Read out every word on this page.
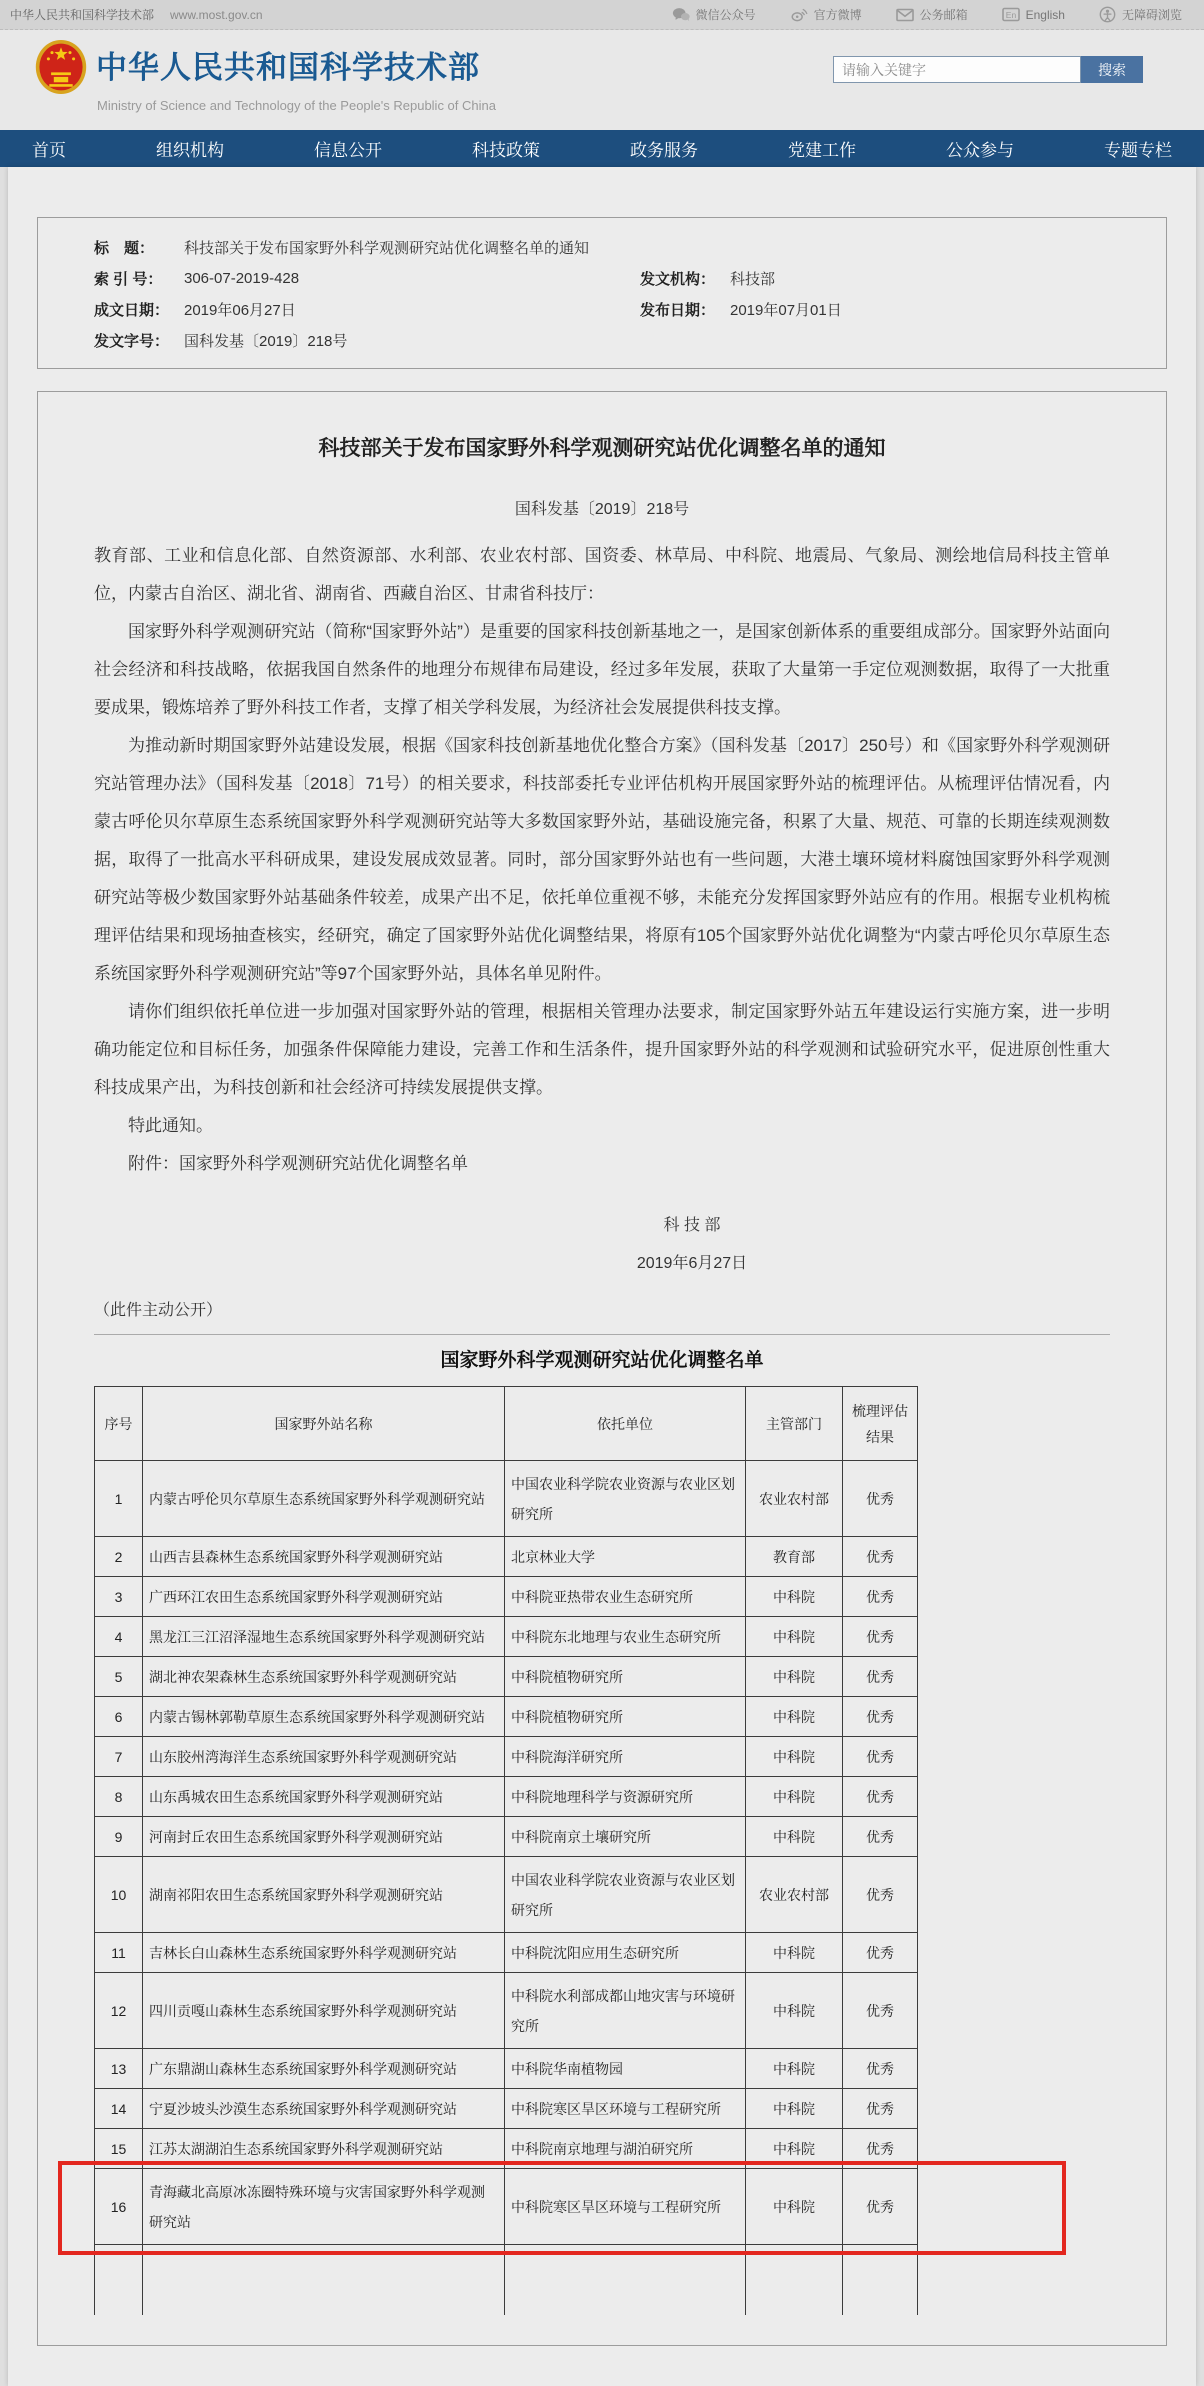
中华人民共和国科学技术部 www.most.gov.cn	微信公众号	官方微博	公务邮箱	En English	无障碍浏览
中华人民共和国科学技术部
Ministry of Science and Technology of the People's Republic of China
请输入关键字
搜索
首页	组织机构	信息公开	科技政策	政务服务	党建工作	公众参与	专题专栏
标　题：	科技部关于发布国家野外科学观测研究站优化调整名单的通知
索 引 号：	306-07-2019-428	发文机构： 科技部
成文日期： 2019年06月27日	发布日期： 2019年07月01日
发文字号： 国科发基〔2019〕218号
科技部关于发布国家野外科学观测研究站优化调整名单的通知
国科发基〔2019〕218号

教育部、工业和信息化部、自然资源部、水利部、农业农村部、国资委、林草局、中科院、地震局、气象局、测绘地信局科技主管单位，内蒙古自治区、湖北省、湖南省、西藏自治区、甘肃省科技厅：

国家野外科学观测研究站（简称“国家野外站”）是重要的国家科技创新基地之一，是国家创新体系的重要组成部分。国家野外站面向社会经济和科技战略，依据我国自然条件的地理分布规律布局建设，经过多年发展，获取了大量第一手定位观测数据，取得了一大批重要成果，锻炼培养了野外科技工作者，支撑了相关学科发展，为经济社会发展提供科技支撑。

为推动新时期国家野外站建设发展，根据《国家科技创新基地优化整合方案》（国科发基〔2017〕250号）和《国家野外科学观测研究站管理办法》（国科发基〔2018〕71号）的相关要求，科技部委托专业评估机构开展国家野外站的梳理评估。从梳理评估情况看，内蒙古呼伦贝尔草原生态系统国家野外科学观测研究站等大多数国家野外站，基础设施完备，积累了大量、规范、可靠的长期连续观测数据，取得了一批高水平科研成果，建设发展成效显著。同时，部分国家野外站也有一些问题，大港土壤环境材料腐蚀国家野外科学观测研究站等极少数国家野外站基础条件较差，成果产出不足，依托单位重视不够，未能充分发挥国家野外站应有的作用。根据专业机构梳理评估结果和现场抽查核实，经研究，确定了国家野外站优化调整结果，将原有105个国家野外站优化调整为“内蒙古呼伦贝尔草原生态系统国家野外科学观测研究站”等97个国家野外站，具体名单见附件。

请你们组织依托单位进一步加强对国家野外站的管理，根据相关管理办法要求，制定国家野外站五年建设运行实施方案，进一步明确功能定位和目标任务，加强条件保障能力建设，完善工作和生活条件，提升国家野外站的科学观测和试验研究水平，促进原创性重大科技成果产出，为科技创新和社会经济可持续发展提供支撑。

特此通知。

附件：国家野外科学观测研究站优化调整名单

科 技 部
2019年6月27日
（此件主动公开）
国家野外科学观测研究站优化调整名单
序号	国家野外站名称	依托单位	主管部门	梳理评估结果
1	内蒙古呼伦贝尔草原生态系统国家野外科学观测研究站	中国农业科学院农业资源与农业区划研究所	农业农村部	优秀
2	山西吉县森林生态系统国家野外科学观测研究站	北京林业大学	教育部	优秀
3	广西环江农田生态系统国家野外科学观测研究站	中科院亚热带农业生态研究所	中科院	优秀
4	黑龙江三江沼泽湿地生态系统国家野外科学观测研究站	中科院东北地理与农业生态研究所	中科院	优秀
5	湖北神农架森林生态系统国家野外科学观测研究站	中科院植物研究所	中科院	优秀
6	内蒙古锡林郭勒草原生态系统国家野外科学观测研究站	中科院植物研究所	中科院	优秀
7	山东胶州湾海洋生态系统国家野外科学观测研究站	中科院海洋研究所	中科院	优秀
8	山东禹城农田生态系统国家野外科学观测研究站	中科院地理科学与资源研究所	中科院	优秀
9	河南封丘农田生态系统国家野外科学观测研究站	中科院南京土壤研究所	中科院	优秀
10	湖南祁阳农田生态系统国家野外科学观测研究站	中国农业科学院农业资源与农业区划研究所	农业农村部	优秀
11	吉林长白山森林生态系统国家野外科学观测研究站	中科院沈阳应用生态研究所	中科院	优秀
12	四川贡嘎山森林生态系统国家野外科学观测研究站	中科院水利部成都山地灾害与环境研究所	中科院	优秀
13	广东鼎湖山森林生态系统国家野外科学观测研究站	中科院华南植物园	中科院	优秀
14	宁夏沙坡头沙漠生态系统国家野外科学观测研究站	中科院寒区旱区环境与工程研究所	中科院	优秀
15	江苏太湖湖泊生态系统国家野外科学观测研究站	中科院南京地理与湖泊研究所	中科院	优秀
16	青海藏北高原冰冻圈特殊环境与灾害国家野外科学观测研究站	中科院寒区旱区环境与工程研究所	中科院	优秀
